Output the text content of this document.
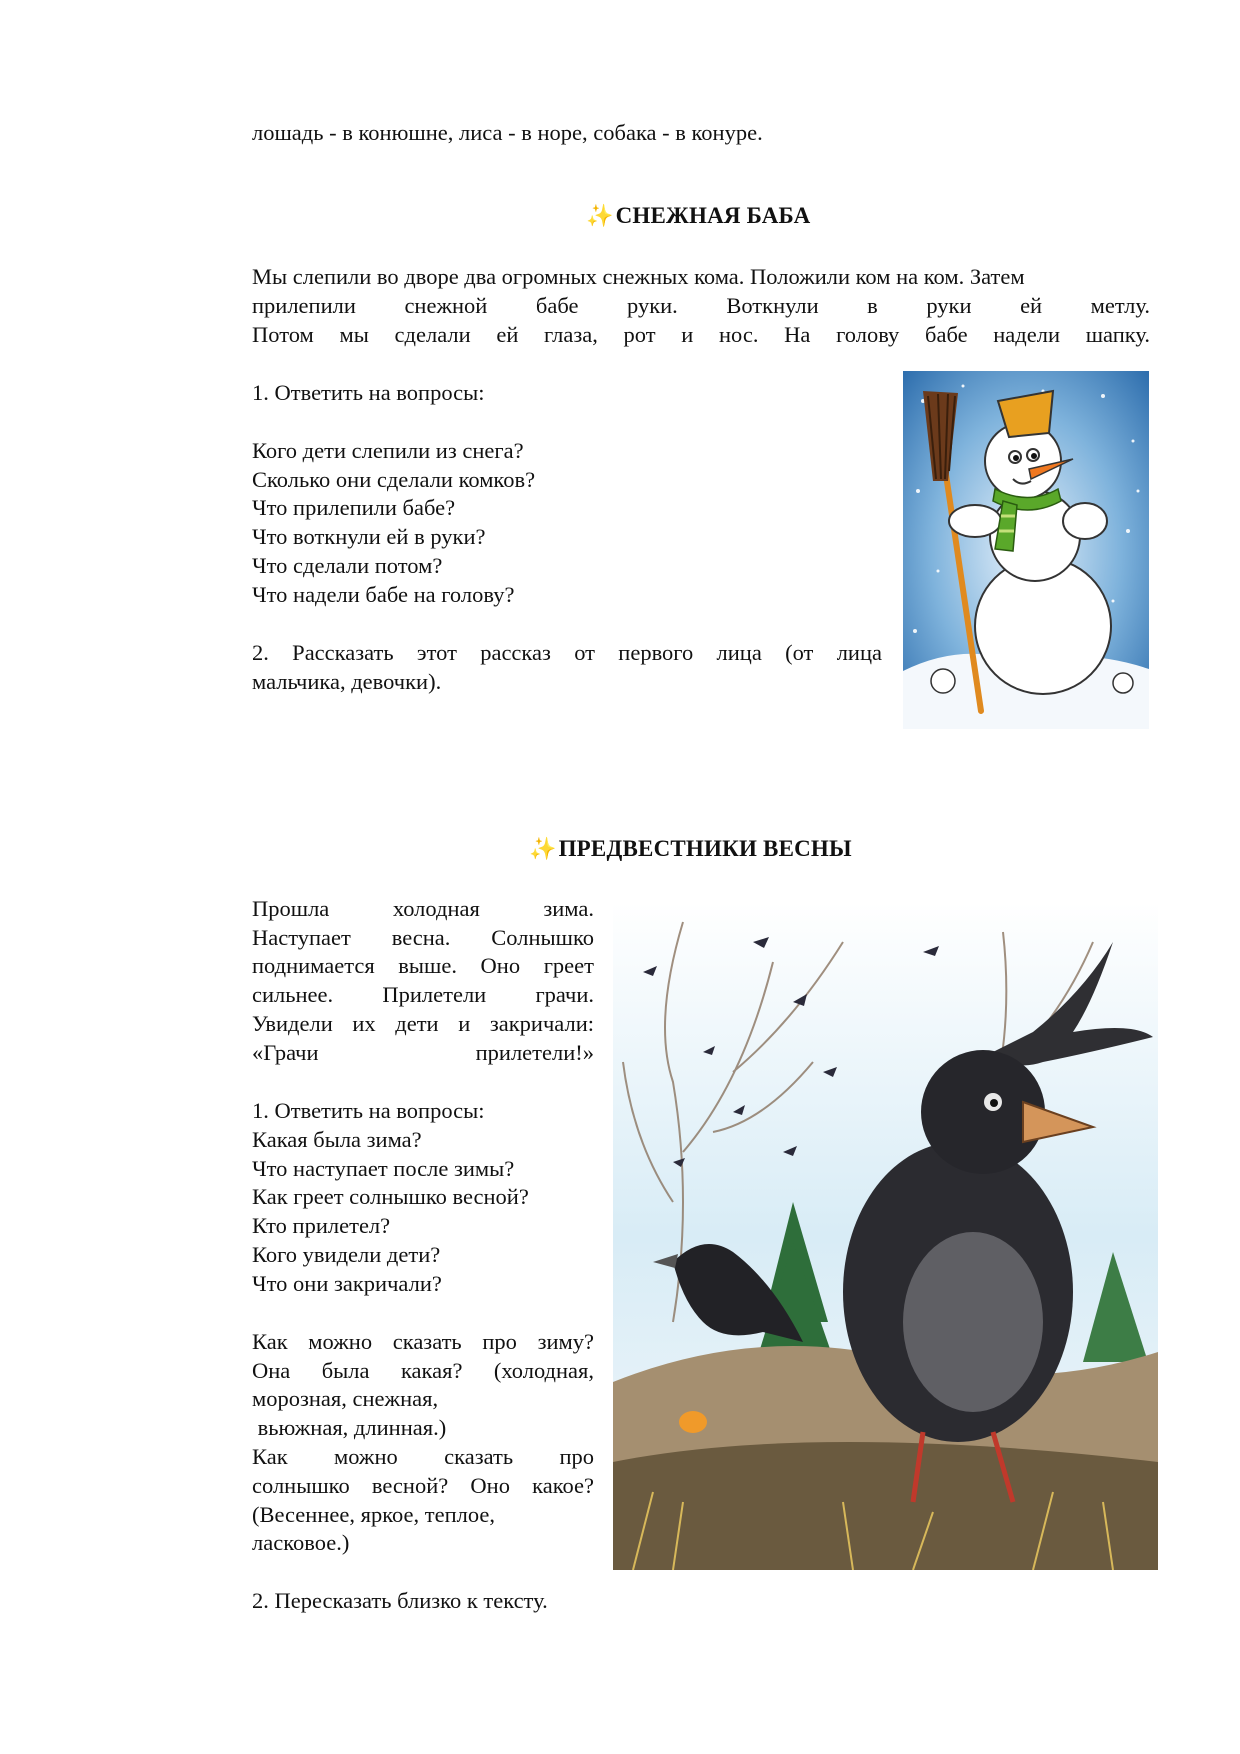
лошадь - в конюшне, лиса - в норе, собака - в конуре.
✨СНЕЖНАЯ БАБА
Мы слепили во дворе два огромных снежных кома. Положили ком на ком. Затем
прилепили снежной бабе руки. Воткнули в руки ей метлу.
Потом мы сделали ей глаза, рот и нос. На голову бабе надели шапку.
1. Ответить на вопросы:
Кого дети слепили из снега?
Сколько они сделали комков?
Что прилепили бабе?
Что воткнули ей в руки?
Что сделали потом?
Что надели бабе на голову?
2. Рассказать этот рассказ от первого лица (от лица
мальчика, девочки).
✨ПРЕДВЕСТНИКИ ВЕСНЫ
Прошла холодная зима.
Наступает весна. Солнышко
поднимается выше. Оно греет
сильнее. Прилетели грачи.
Увидели их дети и закричали:
«Грачи прилетели!»
1. Ответить на вопросы:
Какая была зима?
Что наступает после зимы?
Как греет солнышко весной?
Кто прилетел?
Кого увидели дети?
Что они закричали?
Как можно сказать про зиму?
Она была какая? (холодная,
морозная, снежная,
вьюжная, длинная.)
Как можно сказать про
солнышко весной? Оно какое?
(Весеннее, яркое, теплое,
ласковое.)
2. Пересказать близко к тексту.
